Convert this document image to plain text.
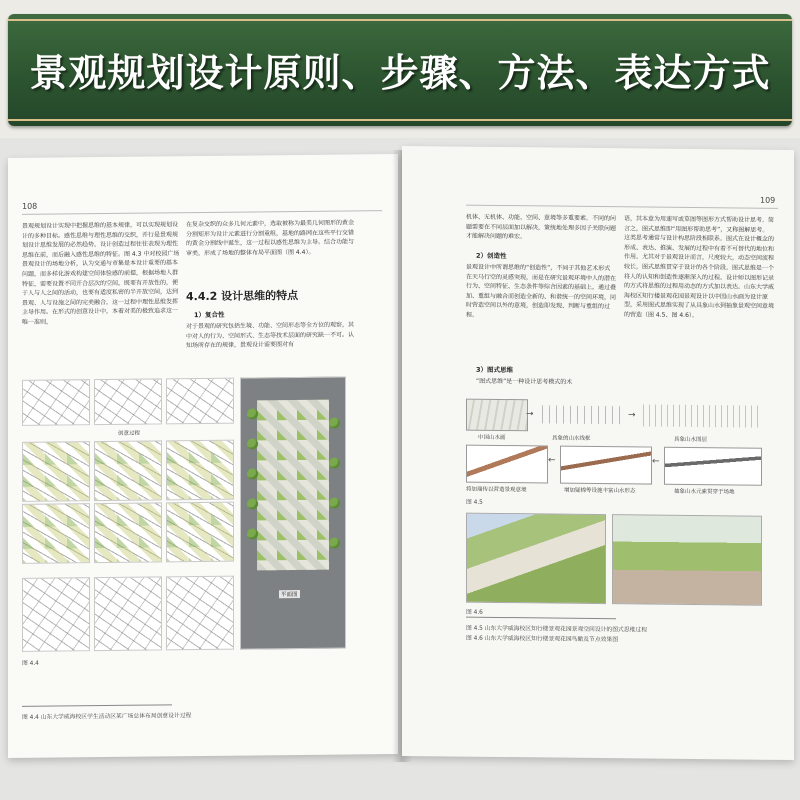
景观规划设计原则、步骤、方法、表达方式
108

景观规划设计实现中把握思维的基本规律，可以实现规划设计的多种目标。感性思维与理性思维的交织，并行是景观规划设计思维发展的必然趋势，设计创造过程往往表现为理性思维在前，而后融入感性思维的特征。图 4.3 中对校园广场景观设计的场地分析，认为交通与市集是本设计重要的基本问题，而多样化游戏构建空间体验感的前提，根据场地人群特征，需要设置不同开合层次的空间，既要有开放性的，便于人与人之间的活动，也要有适度私密的半开放空间，达到景观、人与设施之间的完美融合，这一过程中理性思维发挥主导作用。在形式的创意设计中，本着对美的极致追求这一唯一准则，

在复杂交织的众多几何元素中，选取被称为最美几何图形的黄金分割矩形为设计元素进行分割重组，基地的路网在这些平行交错的黄金分割线中诞生，这一过程以感性思维为主导。结合功能与审美，形成了场地的整体布局平面图（图 4.4）。

4.4.2 设计思维的特点
1）复合性

对于景观的研究包括生境、功能、空间形态等全方位的观察，其中对人的行为、空间形式、生态等技术层面的研究缺一不可。认知场所存在的规律，景观设计需要图对有

创意过程
平面图
图 4.4
图 4.4 山东大学威海校区学生活动区某广场总体布局创意设计过程
109

机体、无机体、功能、空间、意境等多重要素。不同的问题需要在不同层面加以解决，策统地处理多因子关联问题才能解决问题的难宏。

2）创造性

景观设计中所谓思维的“创造性”，不同于其他艺术形式在天马行空的灵感突现，而是在研究景观环境中人的潜在行为、空间特征、生态条件等综合因素的基础上，通过叠加、重组与融合而创造全新的、和谐统一的空间环境，同时营造空间以外的意境，创造即发现、判断与重组的过程。

3）图式思维

“图式思维”是一种设计思考模式的术

语，其本意为用速写或草图等图形方式帮助设计思考。简言之，图式思维即“用图形帮助思考”，又称图解思考。这类思考通常与设计构思阶段相联系。图式在设计概念的形成、表达、推演、发展的过程中有着不可替代的地位和作用。尤其对于景观设计而言，尺度较大，动态空间流程较长，图式思维贯穿于设计的各个阶段。图式思维是一个将人的认知和创造性逐渐深入的过程。设计师以图形记录的方式将思维的过程用动态的方式加以表达。山东大学威海校区知行楼景观花园景观设计以中国山水画为设计原型，采用图式思维实现了从具象山水到抽象景观空间意境的营造（图 4.5、图 4.6）。

中国山水画	具象的山水线框	具象山水图层
→	→
←	←
将加瑞传以营造景观意境	增加疑棉等设施丰富山水形态	抽象山水元素贯穿于场地
图 4.5
图 4.6
图 4.5 山东大学威海校区知行楼景观花园景观空间设计的图式思维过程
图 4.6 山东大学威海校区知行楼景观花园鸟瞰及节点效果图
